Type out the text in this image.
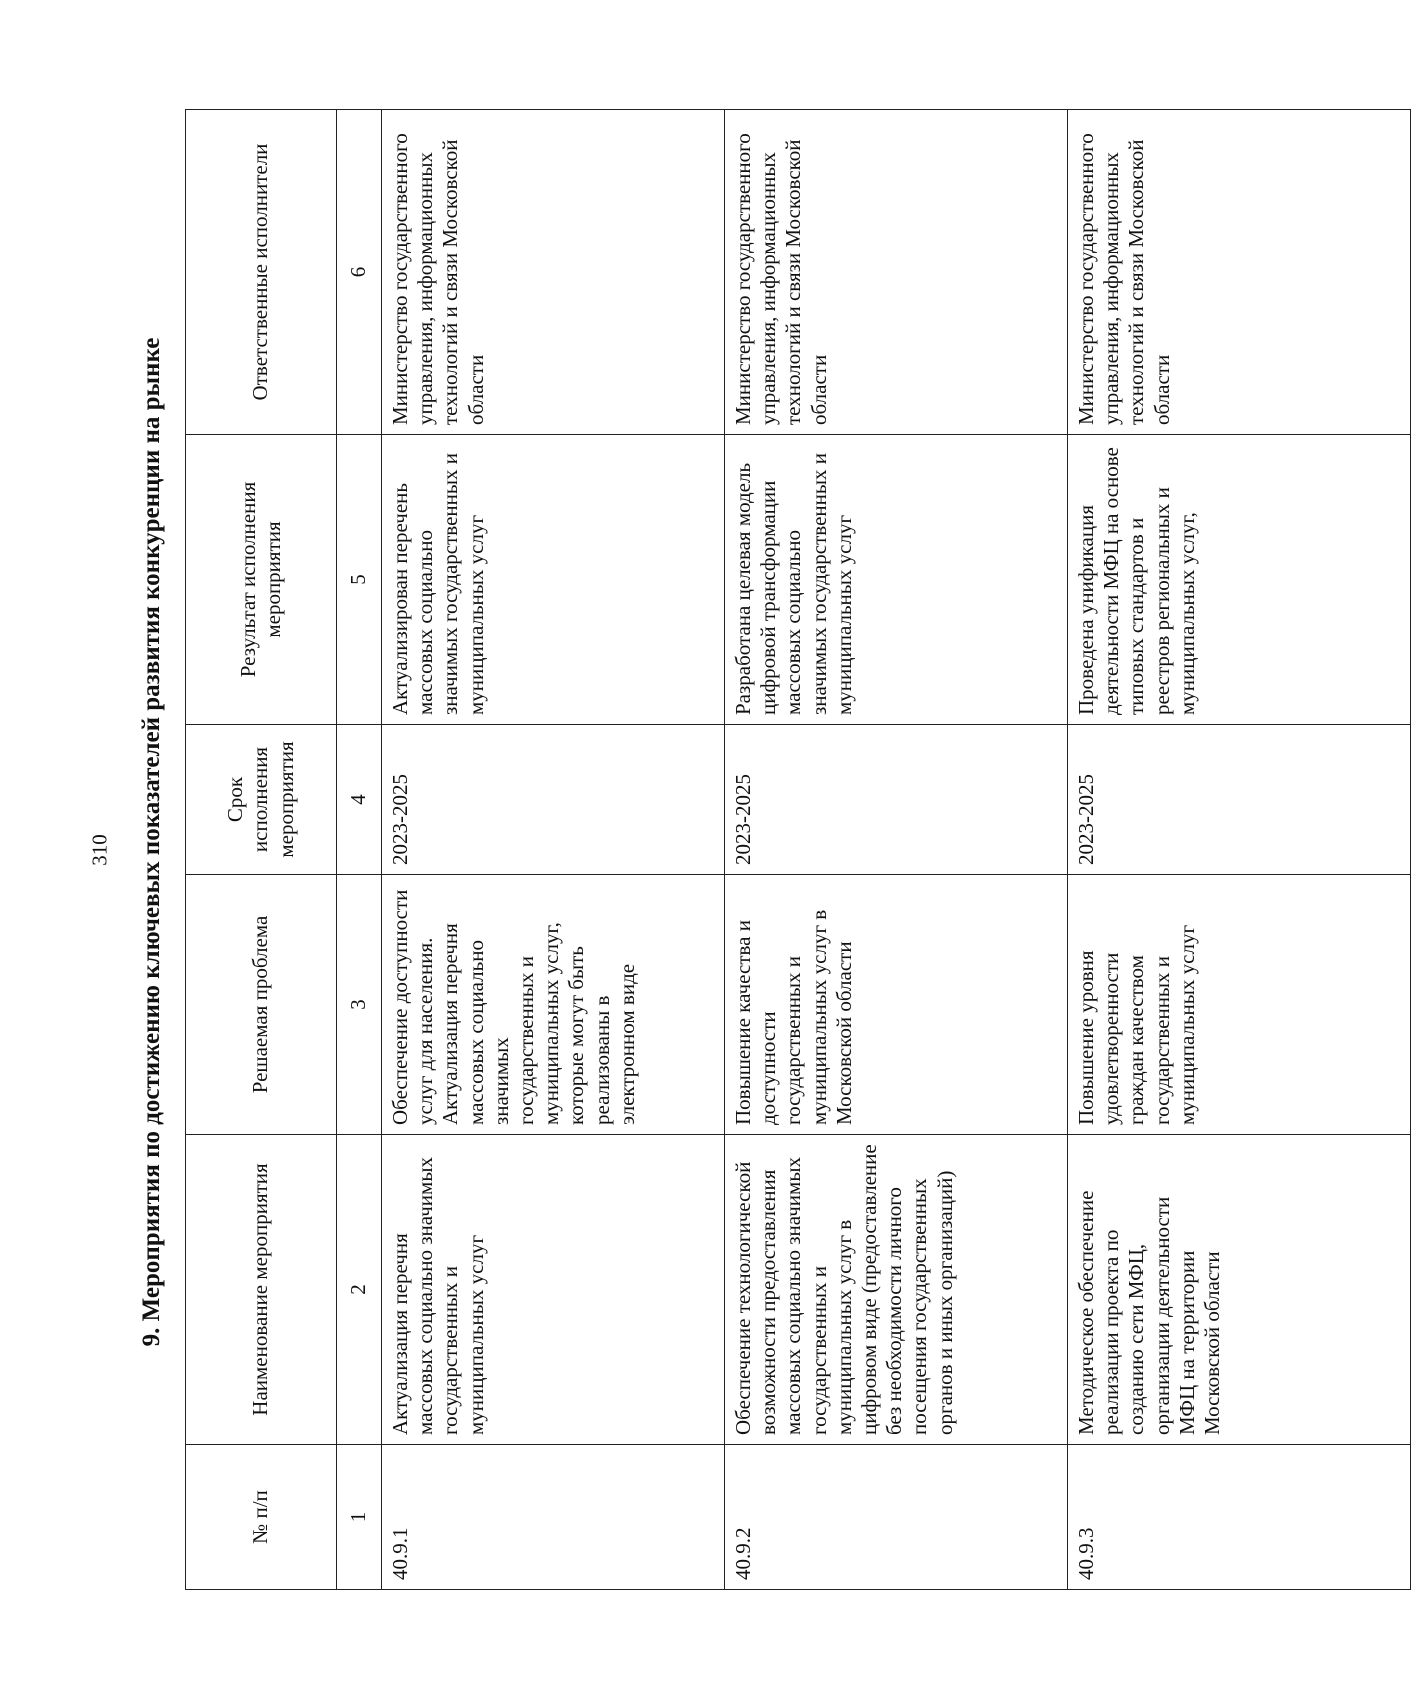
310 9. Мероприятия по достижению ключевых показателей развития конкуренции на рынке
№ п/п	Наименование мероприятия	Решаемая проблема	Срок исполнения мероприятия	Результат исполнения мероприятия	Ответственные исполнители
1	2	3	4	5	6
40.9.1	Актуализация перечня массовых социально значимых государственных и муниципальных услуг	Обеспечение доступности услуг для населения. Актуализация перечня массовых социально значимых государственных и муниципальных услуг, которые могут быть реализованы в электронном виде	2023-2025	Актуализирован перечень массовых социально значимых государственных и муниципальных услуг	Министерство государственного управления, информационных технологий и связи Московской области
40.9.2	Обеспечение технологической возможности предоставления массовых социально значимых государственных и муниципальных услуг в цифровом виде (предоставление без необходимости личного посещения государственных органов и иных организаций)	Повышение качества и доступности государственных и муниципальных услуг в Московской области	2023-2025	Разработана целевая модель цифровой трансформации массовых социально значимых государственных и муниципальных услуг	Министерство государственного управления, информационных технологий и связи Московской области
40.9.3	Методическое обеспечение реализации проекта по созданию сети МФЦ, организации деятельности МФЦ на территории Московской области	Повышение уровня удовлетворенности граждан качеством государственных и муниципальных услуг	2023-2025	Проведена унификация деятельности МФЦ на основе типовых стандартов и реестров региональных и муниципальных услуг,	Министерство государственного управления, информационных технологий и связи Московской области
